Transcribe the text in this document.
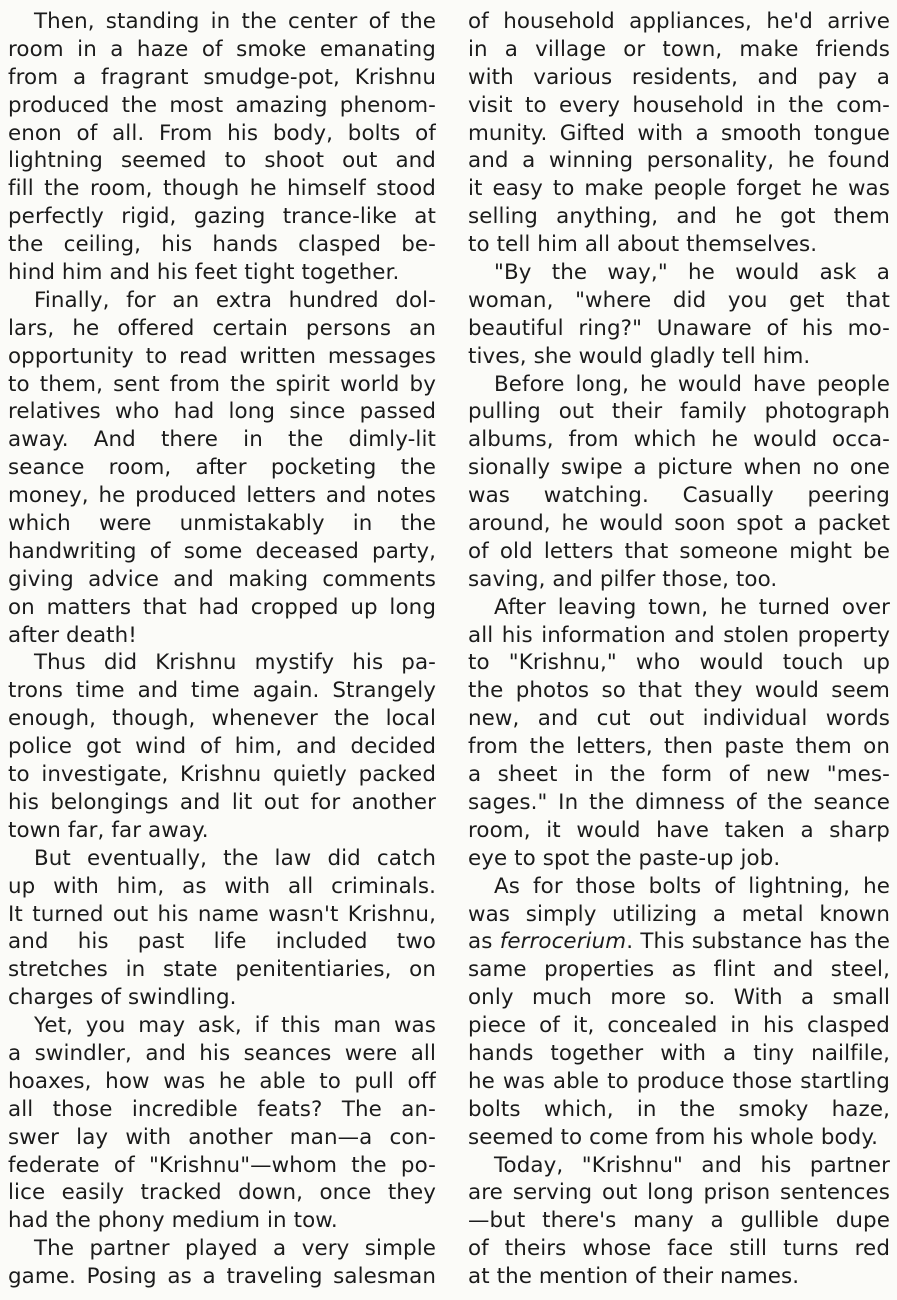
Then, standing in the center of the
room in a haze of smoke emanating
from a fragrant smudge-pot, Krishnu
produced the most amazing phenom-
enon of all. From his body, bolts of
lightning seemed to shoot out and
fill the room, though he himself stood
perfectly rigid, gazing trance-like at
the ceiling, his hands clasped be-
hind him and his feet tight together.
Finally, for an extra hundred dol-
lars, he offered certain persons an
opportunity to read written messages
to them, sent from the spirit world by
relatives who had long since passed
away. And there in the dimly-lit
seance room, after pocketing the
money, he produced letters and notes
which were unmistakably in the
handwriting of some deceased party,
giving advice and making comments
on matters that had cropped up long
after death!
Thus did Krishnu mystify his pa-
trons time and time again. Strangely
enough, though, whenever the local
police got wind of him, and decided
to investigate, Krishnu quietly packed
his belongings and lit out for another
town far, far away.
But eventually, the law did catch
up with him, as with all criminals.
It turned out his name wasn't Krishnu,
and his past life included two
stretches in state penitentiaries, on
charges of swindling.
Yet, you may ask, if this man was
a swindler, and his seances were all
hoaxes, how was he able to pull off
all those incredible feats? The an-
swer lay with another man—a con-
federate of "Krishnu"—whom the po-
lice easily tracked down, once they
had the phony medium in tow.
The partner played a very simple
game. Posing as a traveling salesman
of household appliances, he'd arrive
in a village or town, make friends
with various residents, and pay a
visit to every household in the com-
munity. Gifted with a smooth tongue
and a winning personality, he found
it easy to make people forget he was
selling anything, and he got them
to tell him all about themselves.
"By the way," he would ask a
woman, "where did you get that
beautiful ring?" Unaware of his mo-
tives, she would gladly tell him.
Before long, he would have people
pulling out their family photograph
albums, from which he would occa-
sionally swipe a picture when no one
was watching. Casually peering
around, he would soon spot a packet
of old letters that someone might be
saving, and pilfer those, too.
After leaving town, he turned over
all his information and stolen property
to "Krishnu," who would touch up
the photos so that they would seem
new, and cut out individual words
from the letters, then paste them on
a sheet in the form of new "mes-
sages." In the dimness of the seance
room, it would have taken a sharp
eye to spot the paste-up job.
As for those bolts of lightning, he
was simply utilizing a metal known
as ferrocerium. This substance has the
same properties as flint and steel,
only much more so. With a small
piece of it, concealed in his clasped
hands together with a tiny nailfile,
he was able to produce those startling
bolts which, in the smoky haze,
seemed to come from his whole body.
Today, "Krishnu" and his partner
are serving out long prison sentences
—but there's many a gullible dupe
of theirs whose face still turns red
at the mention of their names.
